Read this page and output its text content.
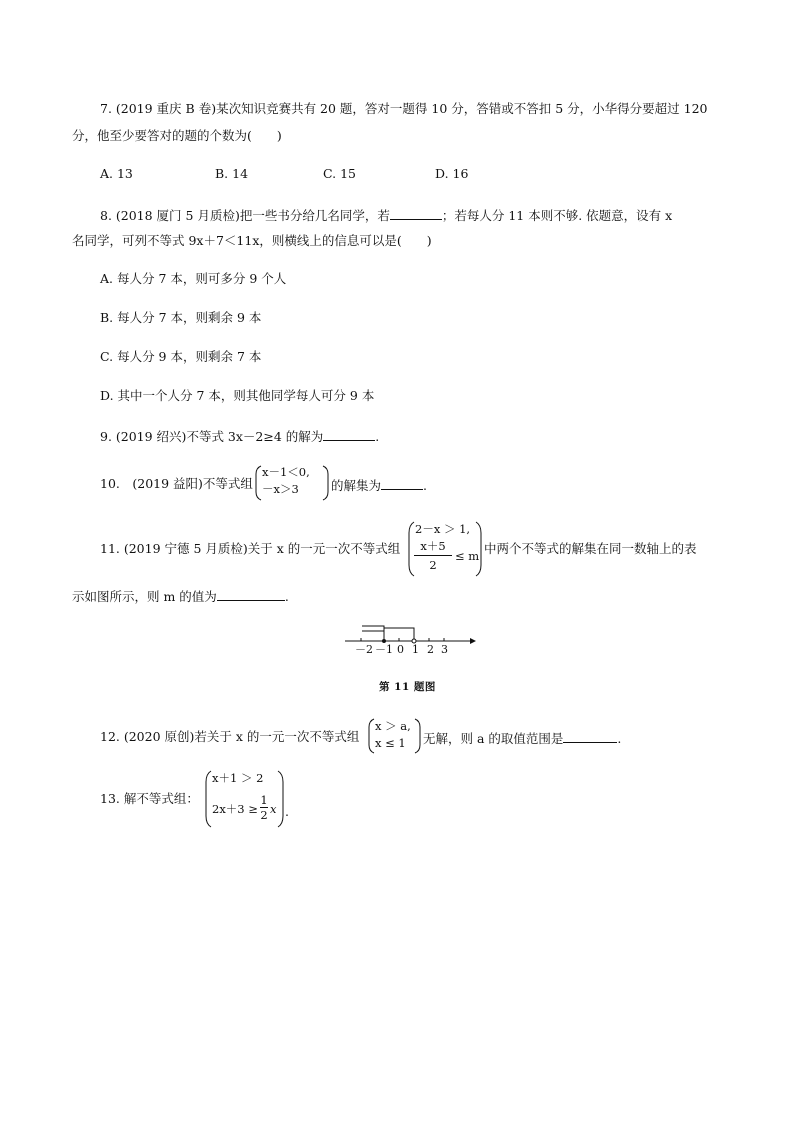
7. (2019 重庆 B 卷)某次知识竞赛共有 20 题，答对一题得 10 分，答错或不答扣 5 分，小华得分要超过 120
分，他至少要答对的题的个数为(　　)
A. 13	B. 14	C. 15	D. 16
8. (2018 厦门 5 月质检)把一些书分给几名同学，若	；若每人分 11 本则不够. 依题意，设有 x
名同学，可列不等式 9x＋7＜11x，则横线上的信息可以是(　　)
A. 每人分 7 本，则可多分 9 个人
B. 每人分 7 本，则剩余 9 本
C. 每人分 9 本，则剩余 7 本
D. 其中一个人分 7 本，则其他同学每人可分 9 本
9. (2019 绍兴)不等式 3x－2≥4 的解为	.
10.　(2019 益阳)不等式组
x－1＜0,
－x＞3	的解集为	.
11. (2019 宁德 5 月质检)关于 x 的一元一次不等式组
2－x ＞ 1,
x＋5
2
≤ m 中两个不等式的解集在同一数轴上的表
示如图所示，则 m 的值为	.
－2 －1 0 1 2 3
第 11 题图
12. (2020 原创)若关于 x 的一元一次不等式组
x ＞ a,
x ≤ 1 无解，则 a 的取值范围是	.
13. 解不等式组：
x＋1 ＞ 2
2x＋3 ≥
1
2 x .
